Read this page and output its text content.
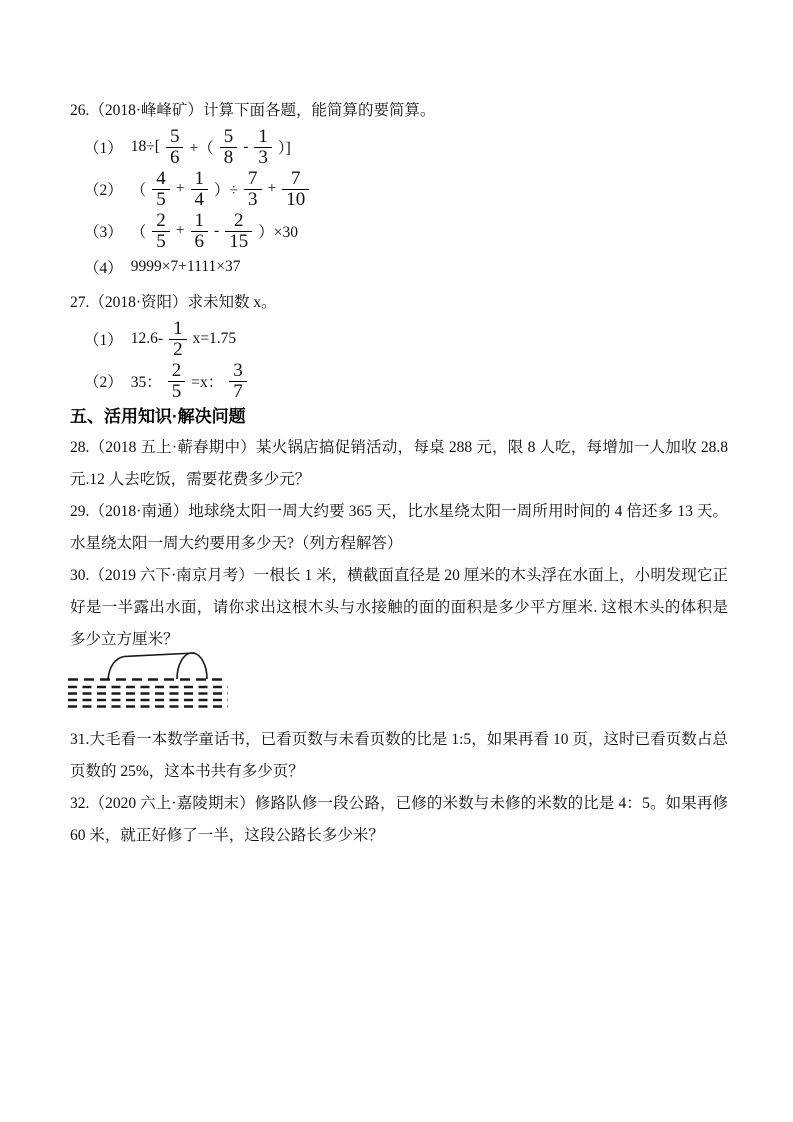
26.（2018·峰峰矿）计算下面各题，能简算的要简算。

（1） $18\div[ \frac{5}{6}$ +（ $\frac{5}{8} - \frac{1}{3}$ ）]
（2） （ $\frac{4}{5} + \frac{1}{4}$ ）÷ $\frac{7}{3} + \frac{7}{10}$
（3） （ $\frac{2}{5} + \frac{1}{6} - \frac{2}{15} )\times 30$
（4） 9999×7+1111×37

27.（2018·资阳）求未知数 x。

（1） $12.6- \frac{1}{2} x=1.75$
（2） 35： $\frac{2}{5} =x$： $\frac{3}{7}$

五、活用知识·解决问题

28.（2018 五上·蕲春期中）某火锅店搞促销活动，每桌 288 元，限 8 人吃，每增加一人加收 28.8 元.12 人去吃饭，需要花费多少元？

29.（2018·南通）地球绕太阳一周大约要 365 天，比水星绕太阳一周所用时间的 4 倍还多 13 天。水星绕太阳一周大约要用多少天?（列方程解答）

30.（2019 六下·南京月考）一根长 1 米，横截面直径是 20 厘米的木头浮在水面上，小明发现它正好是一半露出水面，请你求出这根木头与水接触的面的面积是多少平方厘米. 这根木头的体积是多少立方厘米？

31.大毛看一本数学童话书，已看页数与未看页数的比是 1:5，如果再看 10 页，这时已看页数占总页数的 25%，这本书共有多少页？

32.（2020 六上·嘉陵期末）修路队修一段公路，已修的米数与未修的米数的比是 4：5。如果再修 60 米，就正好修了一半，这段公路长多少米？
